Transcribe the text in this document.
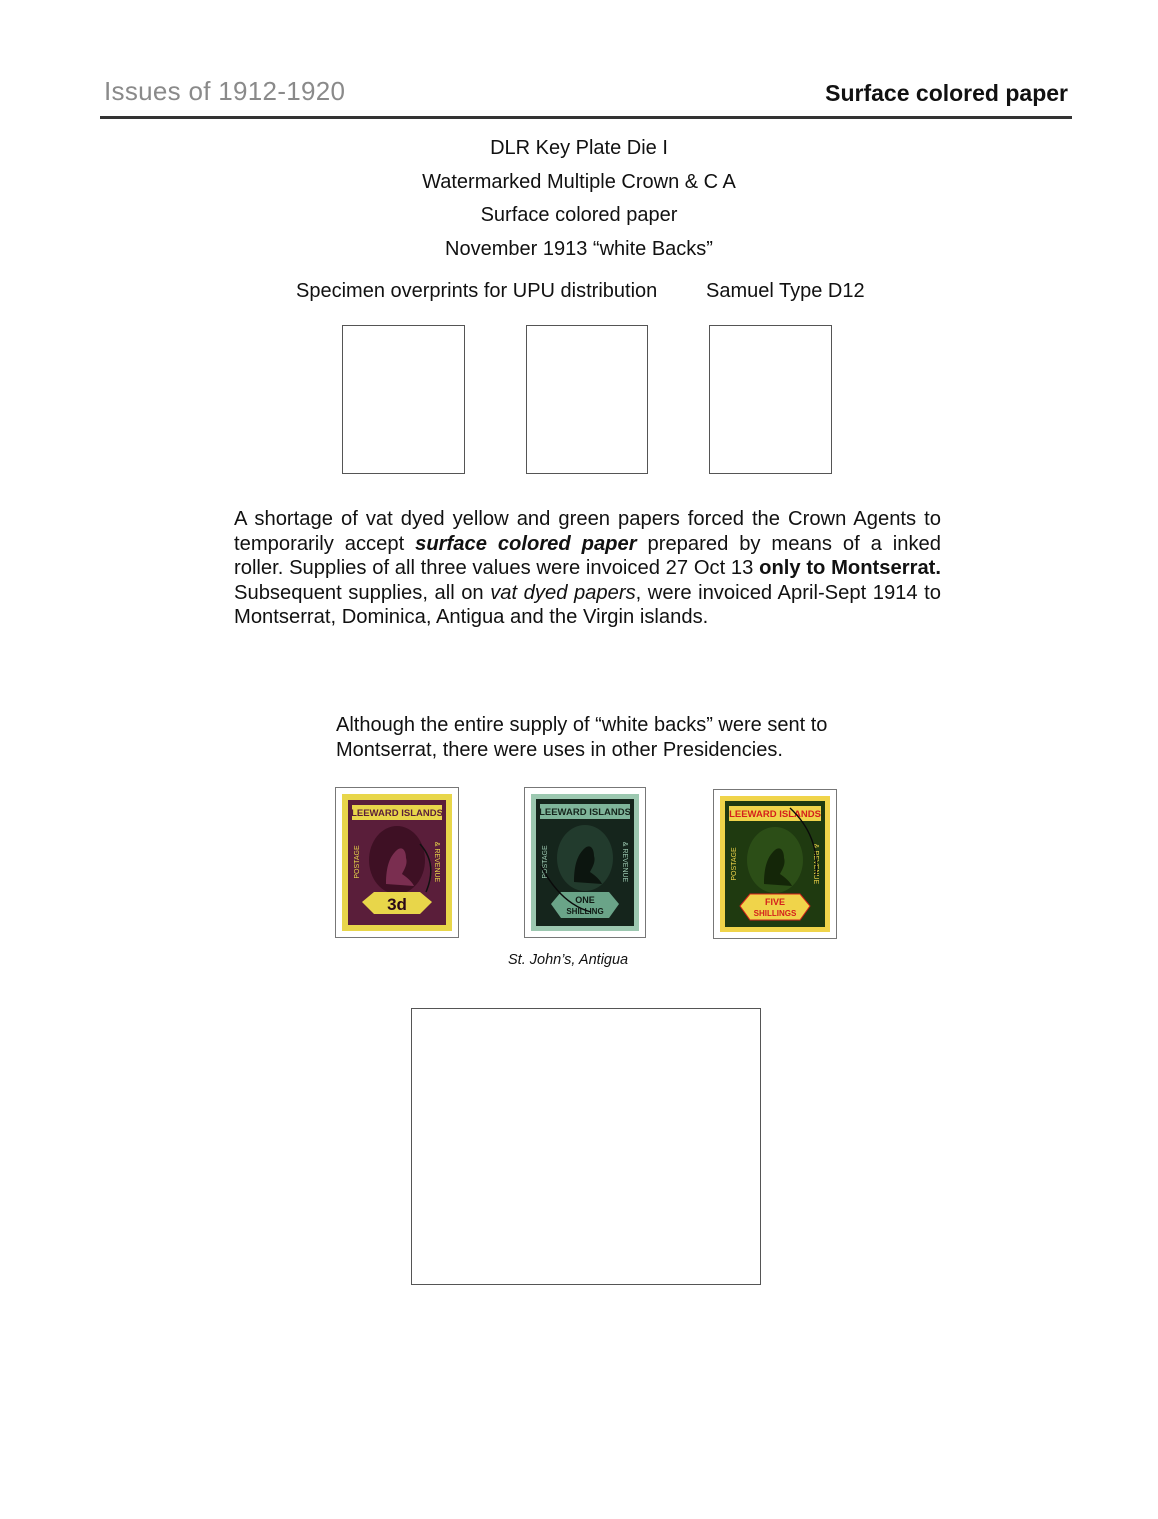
Issues of 1912-1920	Surface colored paper
DLR Key Plate Die I
Watermarked Multiple Crown & C A
Surface colored paper
November 1913 “white Backs”
Specimen overprints for UPU distribution Samuel Type D12
A shortage of vat dyed yellow and green papers forced the Crown Agents to temporarily accept surface colored paper prepared by means of a inked roller. Supplies of all three values were invoiced 27 Oct 13 only to Montserrat. Subsequent supplies, all on vat dyed papers, were invoiced April-Sept 1914 to Montserrat, Dominica, Antigua and the Virgin islands.
Although the entire supply of “white backs” were sent to Montserrat, there were uses in other Presidencies.
LEEWARD ISLANDS
POSTAGE	& REVENUE
3d
LEEWARD ISLANDS
POSTAGE	& REVENUE
ONE
SHILLING
LEEWARD ISLANDS
POSTAGE	& REVENUE
FIVE
SHILLINGS
St. John’s, Antigua
